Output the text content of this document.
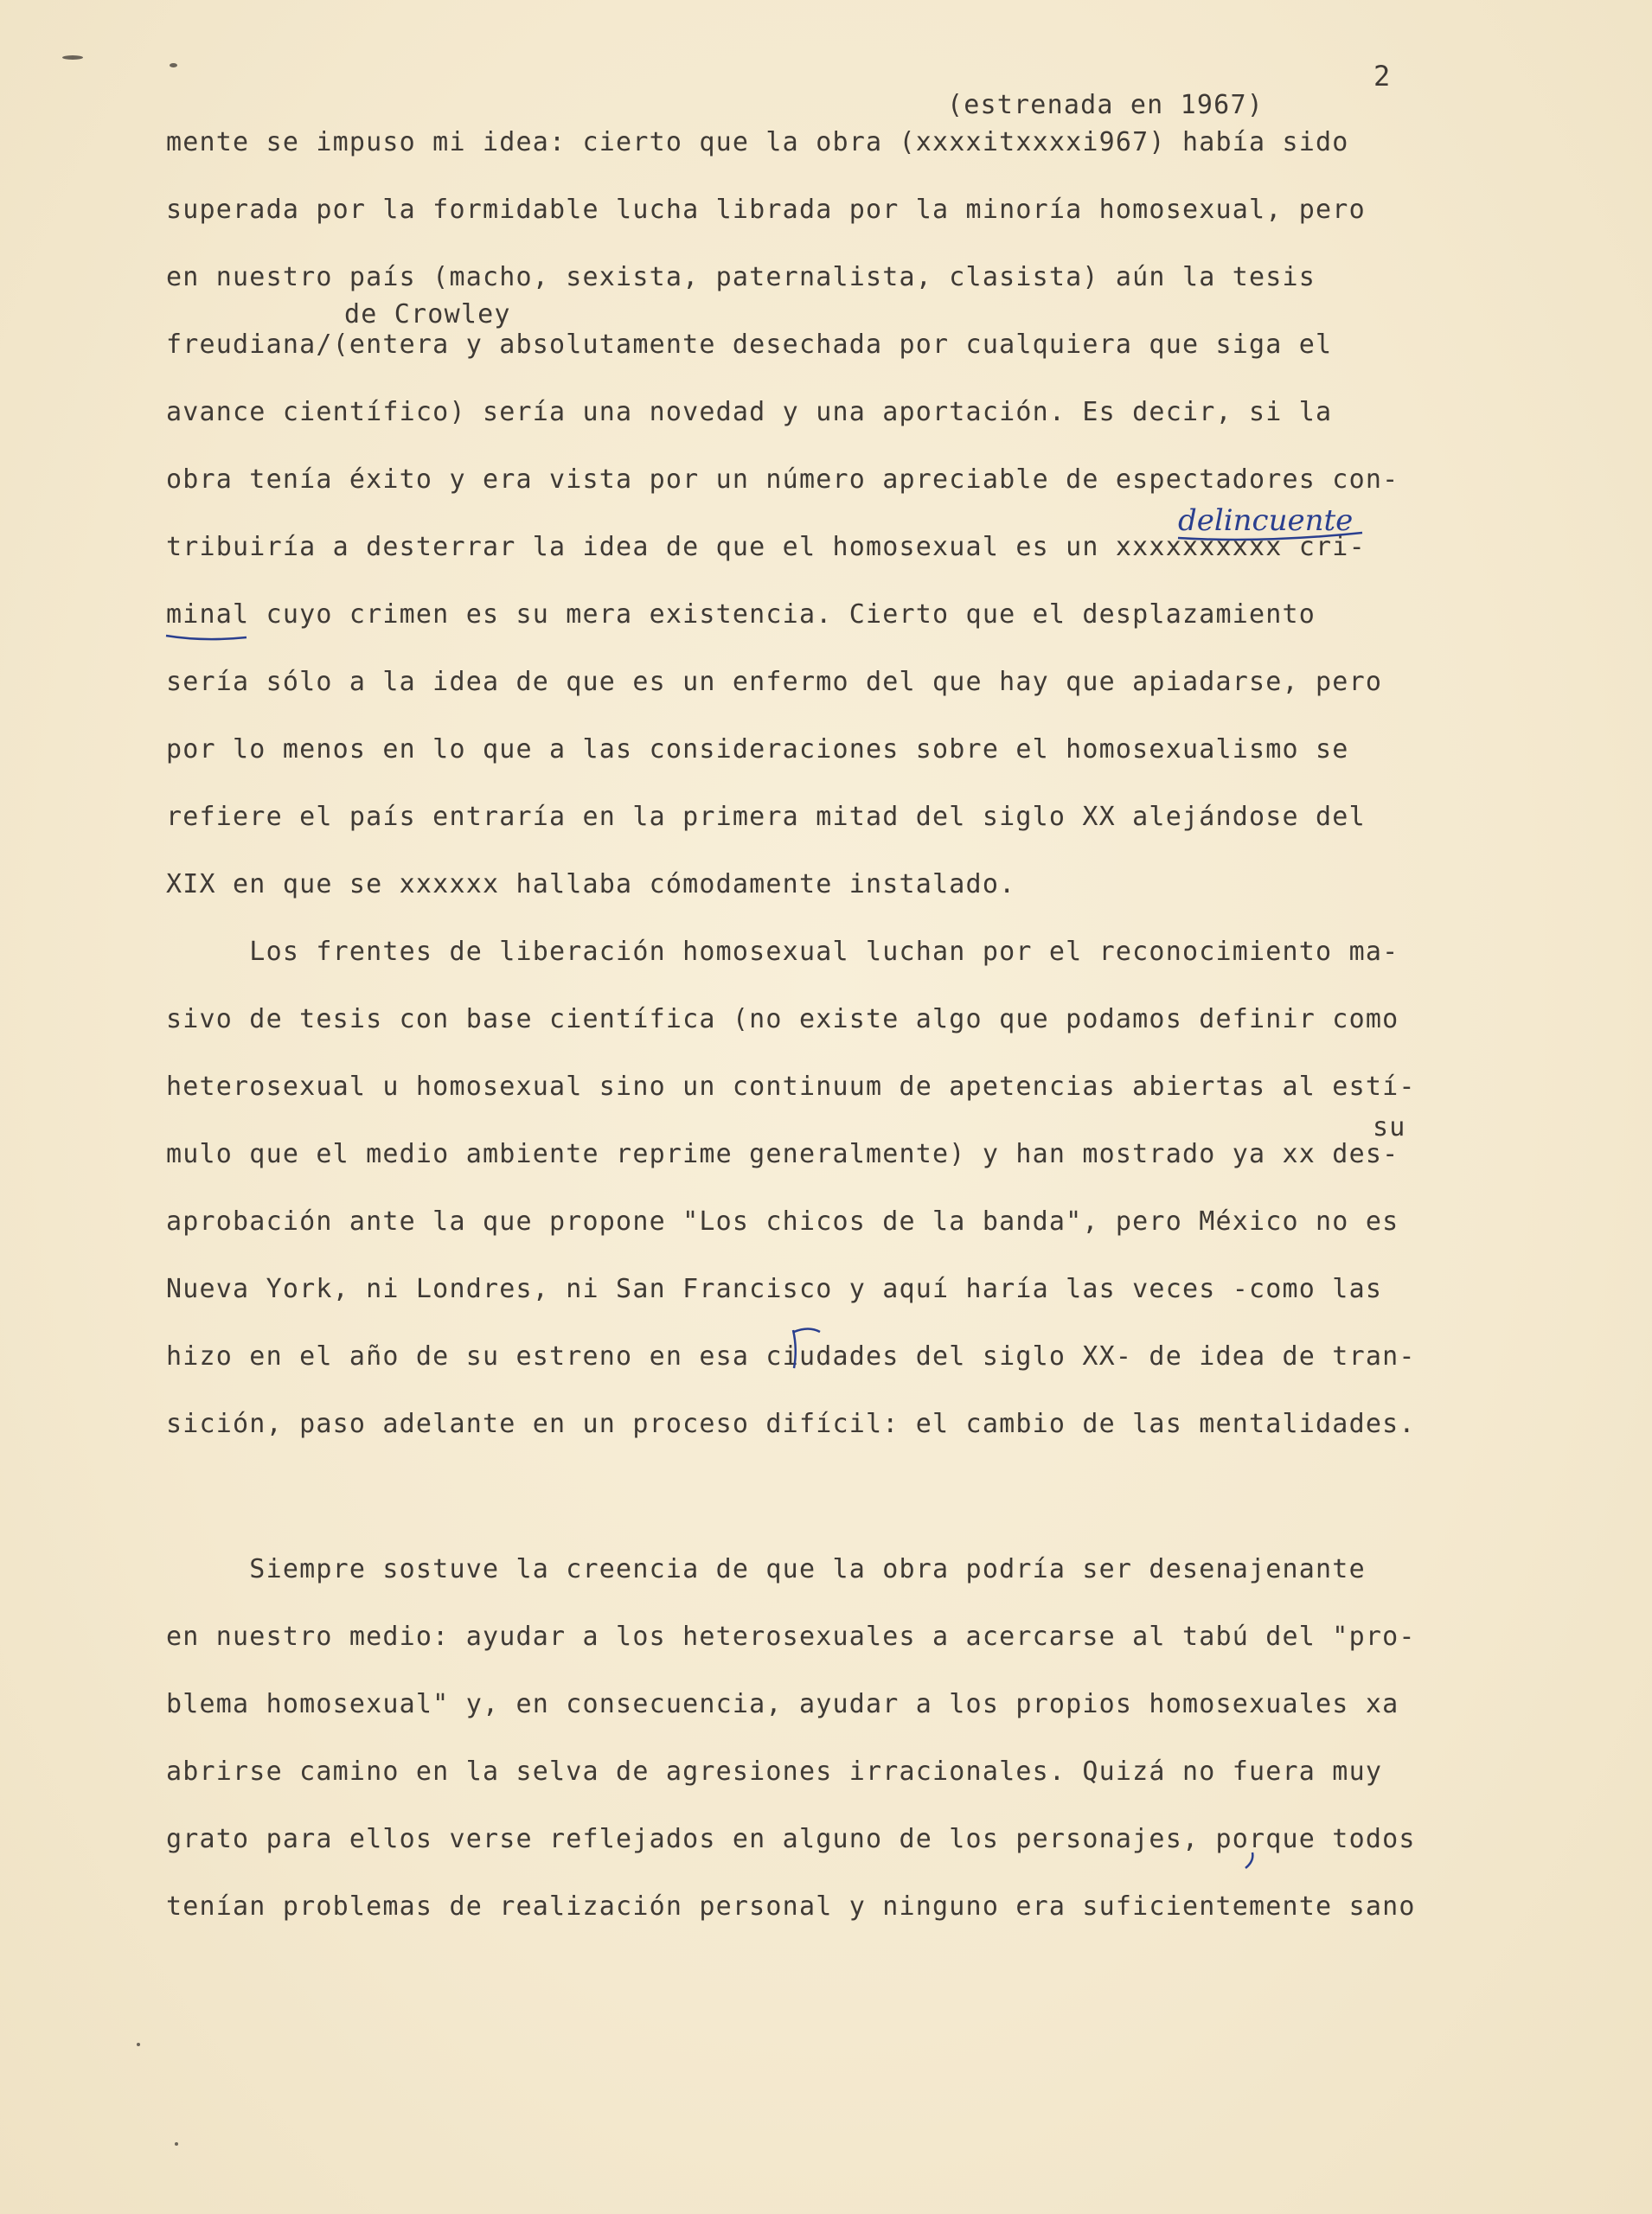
2
(estrenada en 1967)
mente se impuso mi idea: cierto que la obra (xxxxitxxxxi967) había sido
superada por la formidable lucha librada por la minoría homosexual, pero
en nuestro país (macho, sexista, paternalista, clasista) aún la tesis
de Crowley
freudiana/(entera y absolutamente desechada por cualquiera que siga el
avance científico) sería una novedad y una aportación. Es decir, si la
obra tenía éxito y era vista por un número apreciable de espectadores con-
delincuente
tribuiría a desterrar la idea de que el homosexual es un xxxxxxxxxx cri-
minal cuyo crimen es su mera existencia. Cierto que el desplazamiento
sería sólo a la idea de que es un enfermo del que hay que apiadarse, pero
por lo menos en lo que a las consideraciones sobre el homosexualismo se
refiere el país entraría en la primera mitad del siglo XX alejándose del
XIX en que se xxxxxx hallaba cómodamente instalado.
Los frentes de liberación homosexual luchan por el reconocimiento ma-
sivo de tesis con base científica (no existe algo que podamos definir como
heterosexual u homosexual sino un continuum de apetencias abiertas al estí-
su
mulo que el medio ambiente reprime generalmente) y han mostrado ya xx des-
aprobación ante la que propone "Los chicos de la banda", pero México no es
Nueva York, ni Londres, ni San Francisco y aquí haría las veces -como las
hizo en el año de su estreno en esa ciudades del siglo XX- de idea de tran-
sición, paso adelante en un proceso difícil: el cambio de las mentalidades.
Siempre sostuve la creencia de que la obra podría ser desenajenante
en nuestro medio: ayudar a los heterosexuales a acercarse al tabú del "pro-
blema homosexual" y, en consecuencia, ayudar a los propios homosexuales xa
abrirse camino en la selva de agresiones irracionales. Quizá no fuera muy
grato para ellos verse reflejados en alguno de los personajes, porque todos
tenían problemas de realización personal y ninguno era suficientemente sano
